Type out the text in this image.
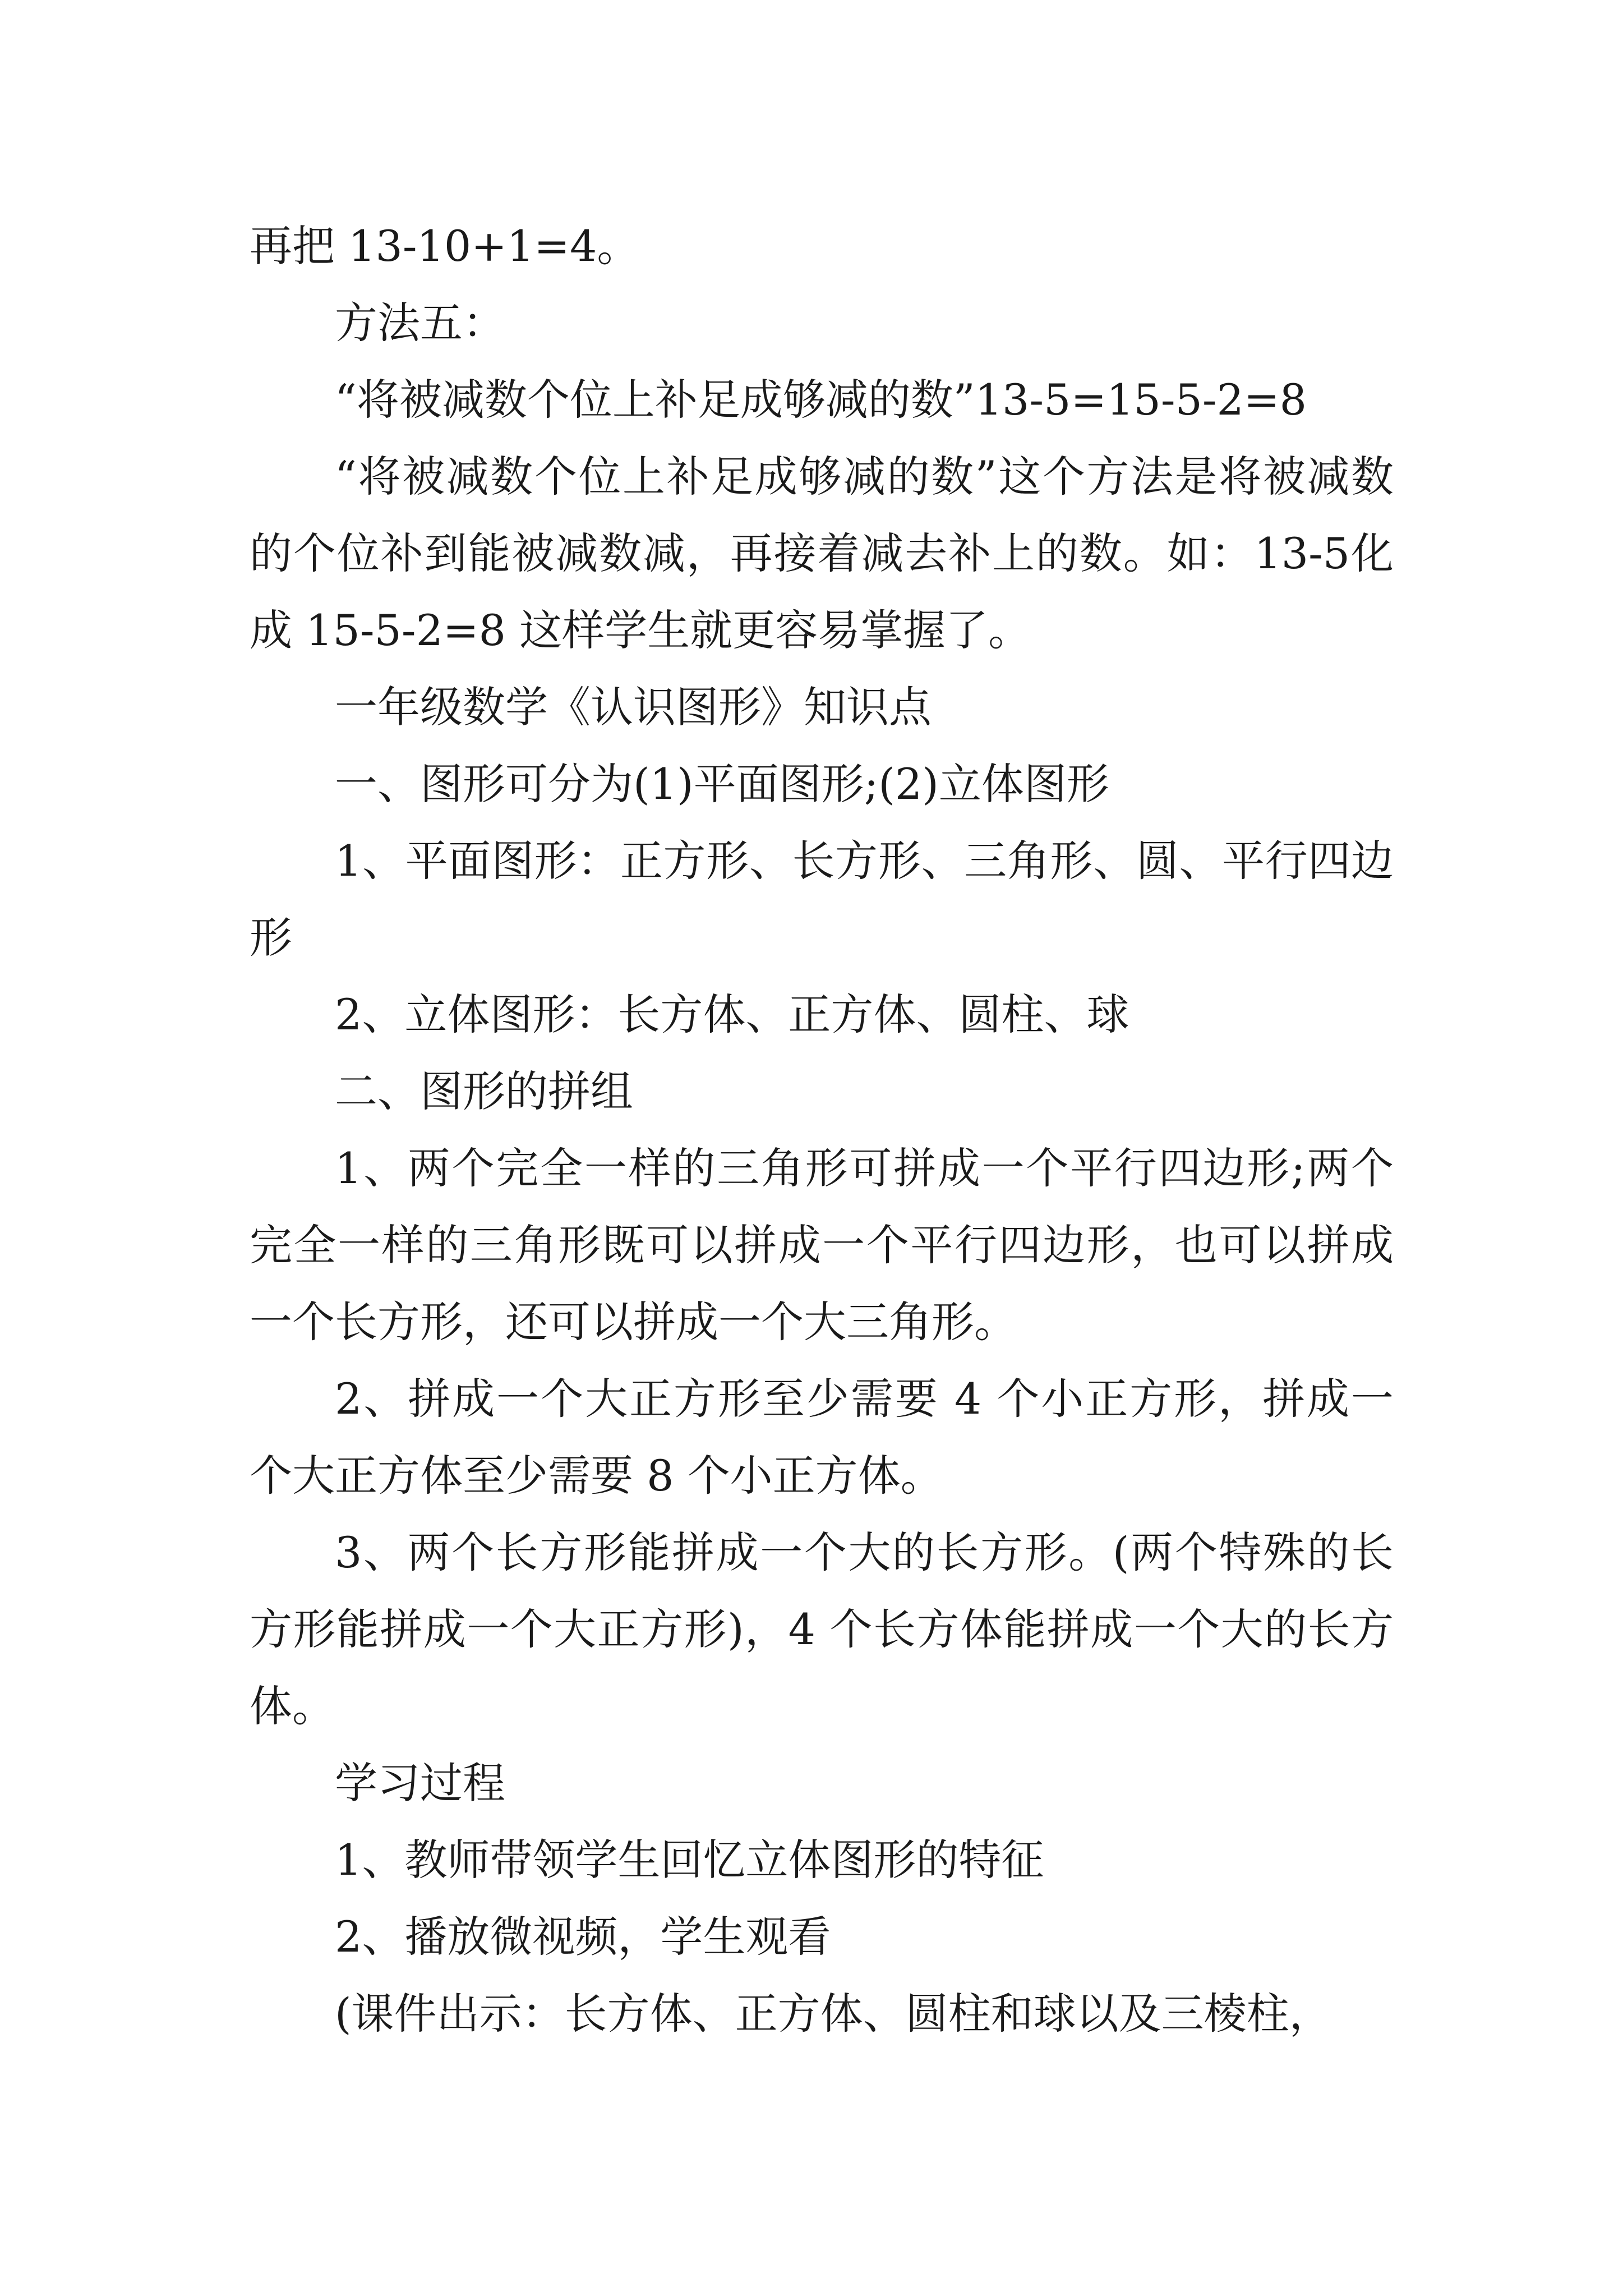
再把 13-10+1=4。

方法五：

“将被减数个位上补足成够减的数”13-5=15-5-2=8

“将被减数个位上补足成够减的数”这个方法是将被减数的个位补到能被减数减，再接着减去补上的数。如：13-5化成 15-5-2=8 这样学生就更容易掌握了。

一年级数学《认识图形》知识点

一、图形可分为(1)平面图形;(2)立体图形

1、平面图形：正方形、长方形、三角形、圆、平行四边形

2、立体图形：长方体、正方体、圆柱、球

二、图形的拼组

1、两个完全一样的三角形可拼成一个平行四边形;两个完全一样的三角形既可以拼成一个平行四边形，也可以拼成一个长方形，还可以拼成一个大三角形。

2、拼成一个大正方形至少需要 4 个小正方形，拼成一个大正方体至少需要 8 个小正方体。

3、两个长方形能拼成一个大的长方形。(两个特殊的长方形能拼成一个大正方形)，4 个长方体能拼成一个大的长方体。

学习过程

1、教师带领学生回忆立体图形的特征

2、播放微视频，学生观看

(课件出示：长方体、正方体、圆柱和球以及三棱柱，
